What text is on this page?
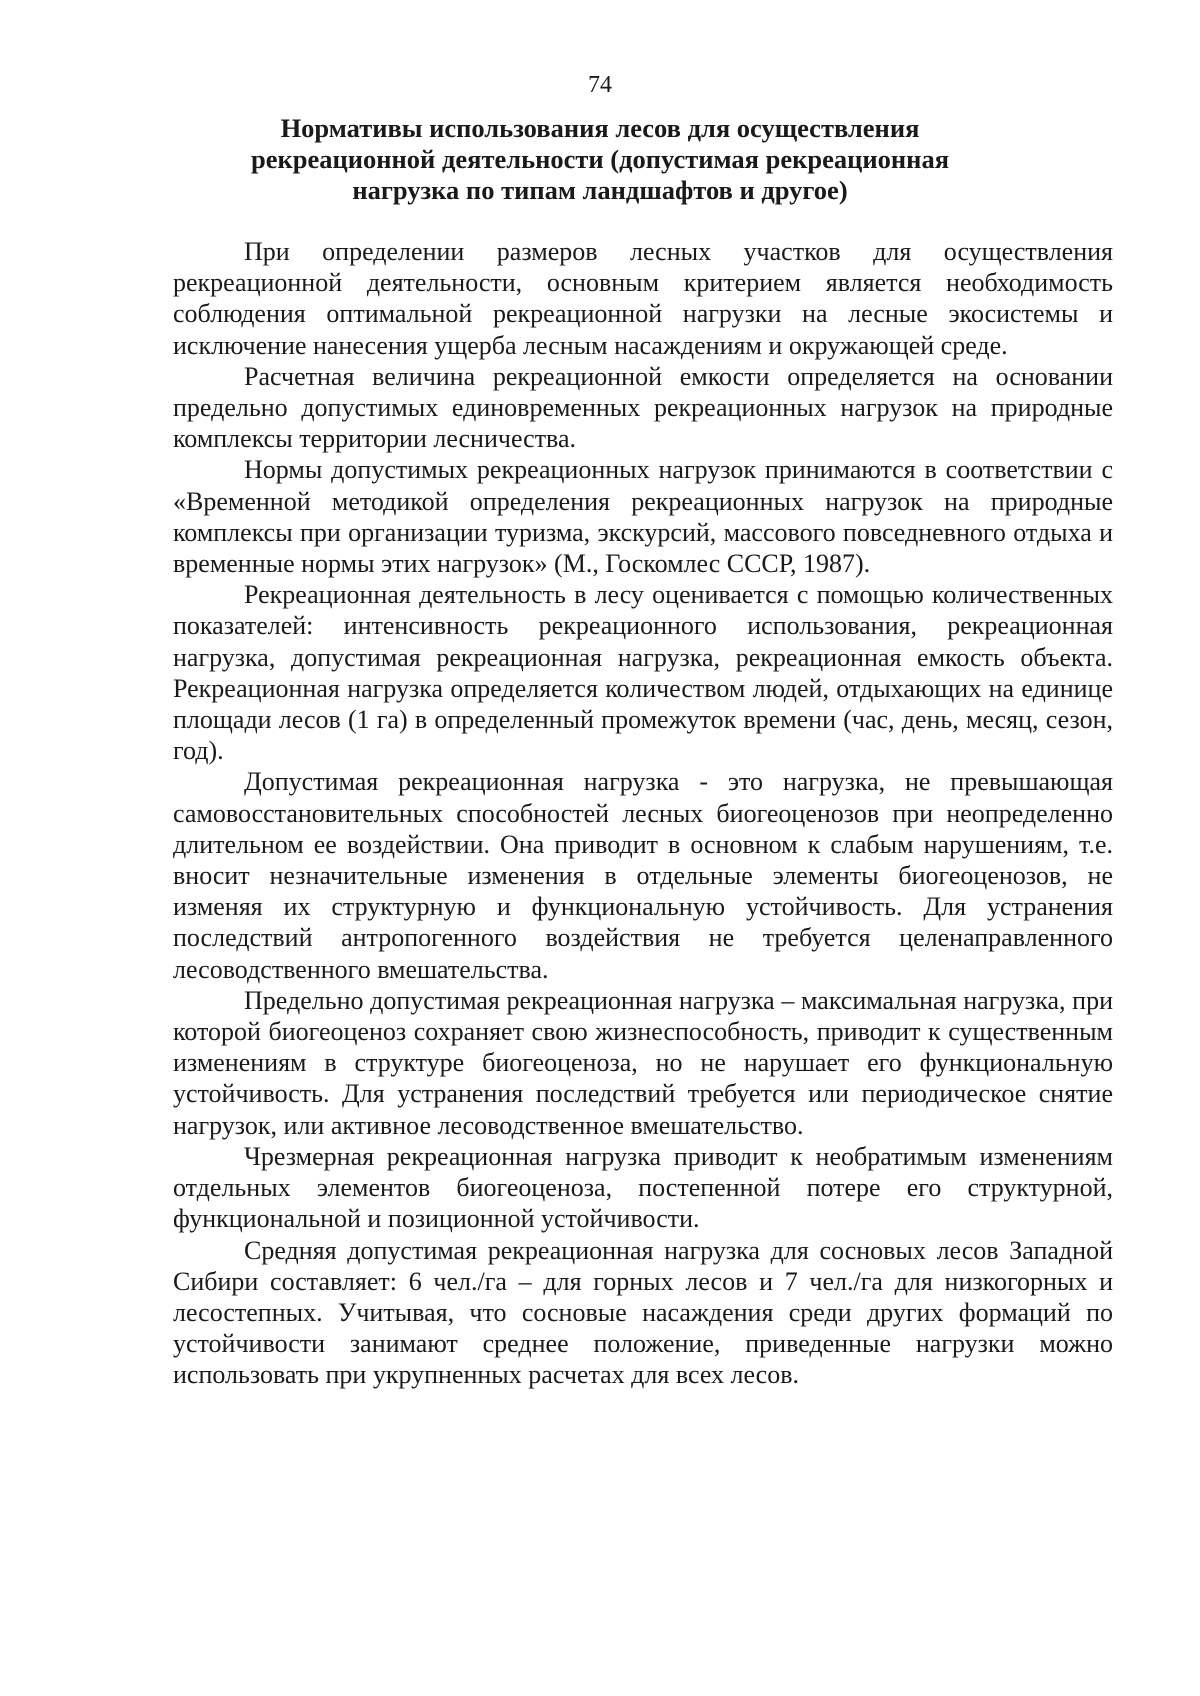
74
Нормативы использования лесов для осуществления рекреационной деятельности (допустимая рекреационная нагрузка по типам ландшафтов и другое)

При определении размеров лесных участков для осуществления рекреационной деятельности, основным критерием является необходимость соблюдения оптимальной рекреационной нагрузки на лесные экосистемы и исключение нанесения ущерба лесным насаждениям и окружающей среде.

Расчетная величина рекреационной емкости определяется на основании предельно допустимых единовременных рекреационных нагрузок на природные комплексы территории лесничества.

Нормы допустимых рекреационных нагрузок принимаются в соответствии с «Временной методикой определения рекреационных нагрузок на природные комплексы при организации туризма, экскурсий, массового повседневного отдыха и временные нормы этих нагрузок» (М., Госкомлес СССР, 1987).

Рекреационная деятельность в лесу оценивается с помощью количественных показателей: интенсивность рекреационного использования, рекреационная нагрузка, допустимая рекреационная нагрузка, рекреационная емкость объекта. Рекреационная нагрузка определяется количеством людей, отдыхающих на единице площади лесов (1 га) в определенный промежуток времени (час, день, месяц, сезон, год).

Допустимая рекреационная нагрузка - это нагрузка, не превышающая самовосстановительных способностей лесных биогеоценозов при неопределенно длительном ее воздействии. Она приводит в основном к слабым нарушениям, т.е. вносит незначительные изменения в отдельные элементы биогеоценозов, не изменяя их структурную и функциональную устойчивость. Для устранения последствий антропогенного воздействия не требуется целенаправленного лесоводственного вмешательства.

Предельно допустимая рекреационная нагрузка – максимальная нагрузка, при которой биогеоценоз сохраняет свою жизнеспособность, приводит к существенным изменениям в структуре биогеоценоза, но не нарушает его функциональную устойчивость. Для устранения последствий требуется или периодическое снятие нагрузок, или активное лесоводственное вмешательство.

Чрезмерная рекреационная нагрузка приводит к необратимым изменениям отдельных элементов биогеоценоза, постепенной потере его структурной, функциональной и позиционной устойчивости.

Средняя допустимая рекреационная нагрузка для сосновых лесов Западной Сибири составляет: 6 чел./га – для горных лесов и 7 чел./га для низкогорных и лесостепных. Учитывая, что сосновые насаждения среди других формаций по устойчивости занимают среднее положение, приведенные нагрузки можно использовать при укрупненных расчетах для всех лесов.
